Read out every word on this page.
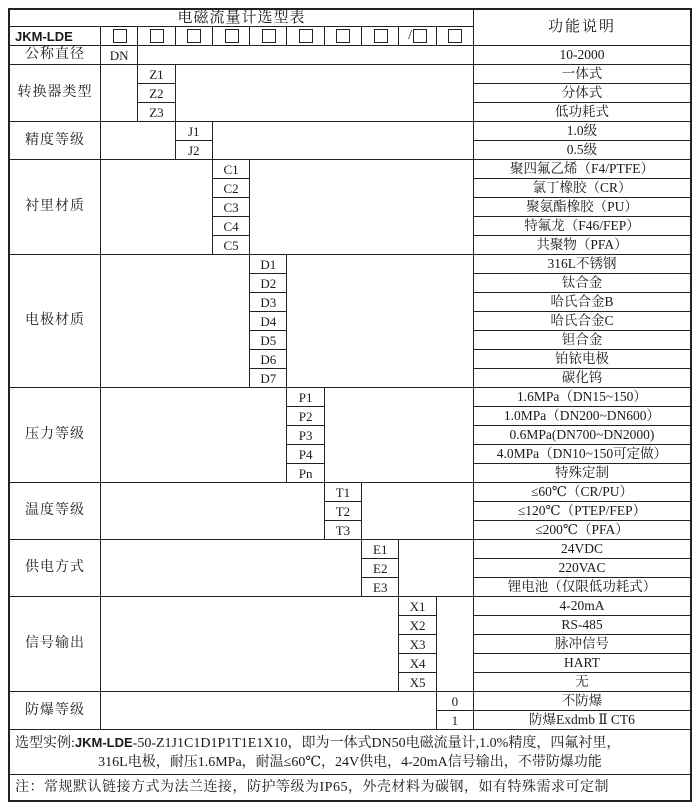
电磁流量计选型表
功能说明
JKM-LDE
选型实例:JKM-LDE-50-Z1J1C1D1P1T1E1X10，即为一体式DN50电磁流量计,1.0%精度，四氟衬里，
316L电极，耐压1.6MPa，耐温≤60℃，24V供电，4-20mA信号输出，不带防爆功能
注：常规默认链接方式为法兰连接，防护等级为IP65，外壳材料为碳钢，如有特殊需求可定制
/
公称直径	DN	10-2000
转换器类型
Z1	一体式
Z2	分体式
Z3	低功耗式
精度等级
J1	1.0级
J2	0.5级
衬里材质
C1	聚四氟乙烯（F4/PTFE）
C2	氯丁橡胶（CR）
C3	聚氨酯橡胶（PU）
C4	特氟龙（F46/FEP）
C5	共聚物（PFA）
电极材质
D1	316L不锈钢
D2	钛合金
D3	哈氏合金B
D4	哈氏合金C
D5	钽合金
D6	铂铱电极
D7	碳化钨
压力等级
P1	1.6MPa（DN15~150）
P2	1.0MPa（DN200~DN600）
P3	0.6MPa(DN700~DN2000)
P4	4.0MPa（DN10~150可定做）
Pn	特殊定制
温度等级
T1	≤60℃（CR/PU）
T2	≤120℃（PTEP/FEP）
T3	≤200℃（PFA）
供电方式
E1	24VDC
E2	220VAC
E3	锂电池（仅限低功耗式）
信号输出
X1	4-20mA
X2	RS-485
X3	脉冲信号
X4	HART
X5	无
防爆等级
0	不防爆
1	防爆Exdmb Ⅱ CT6
